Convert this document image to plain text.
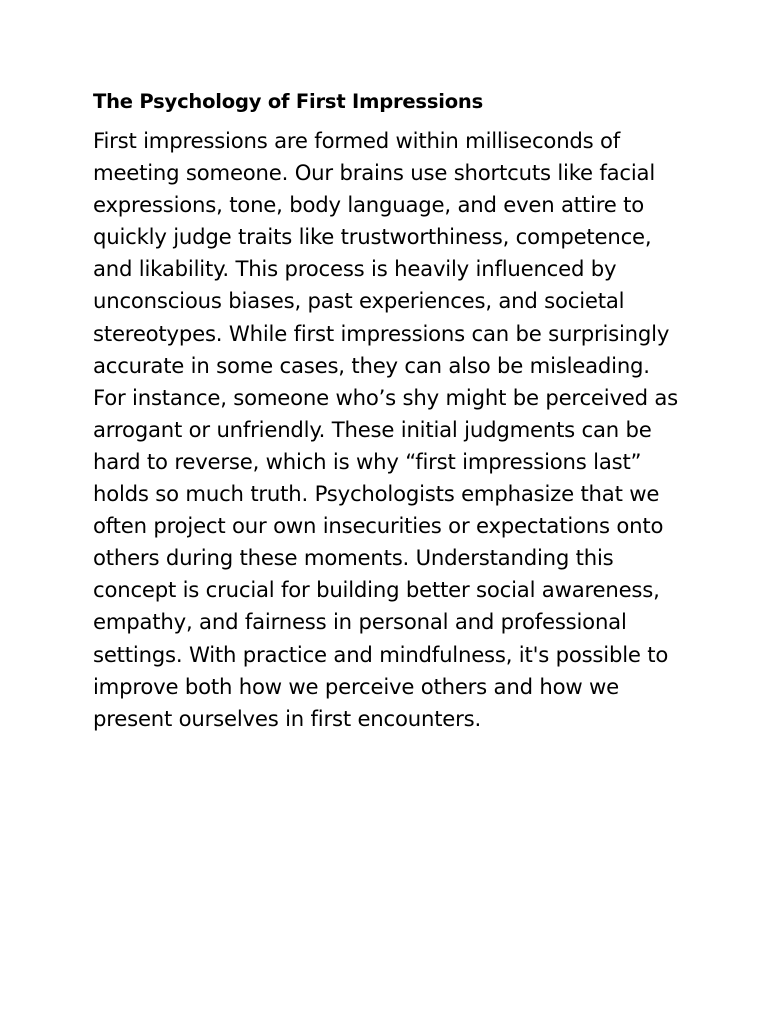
The Psychology of First Impressions

First impressions are formed within milliseconds of
meeting someone. Our brains use shortcuts like facial
expressions, tone, body language, and even attire to
quickly judge traits like trustworthiness, competence,
and likability. This process is heavily influenced by
unconscious biases, past experiences, and societal
stereotypes. While first impressions can be surprisingly
accurate in some cases, they can also be misleading.
For instance, someone who’s shy might be perceived as
arrogant or unfriendly. These initial judgments can be
hard to reverse, which is why “first impressions last”
holds so much truth. Psychologists emphasize that we
often project our own insecurities or expectations onto
others during these moments. Understanding this
concept is crucial for building better social awareness,
empathy, and fairness in personal and professional
settings. With practice and mindfulness, it's possible to
improve both how we perceive others and how we
present ourselves in first encounters.
